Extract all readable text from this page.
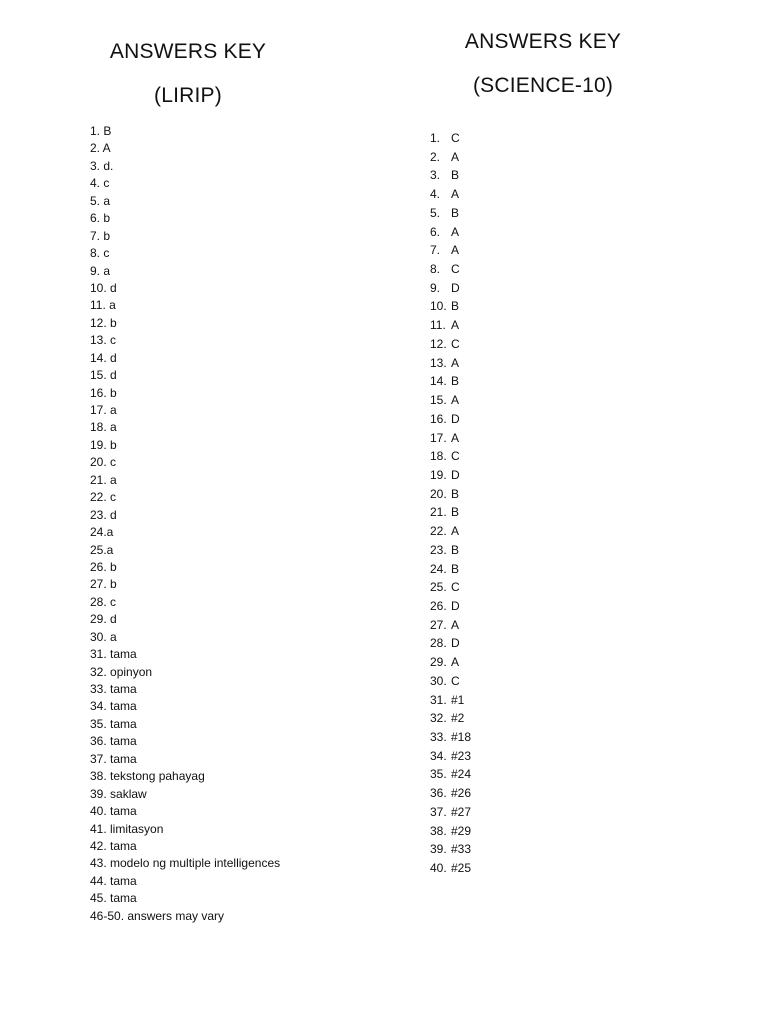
ANSWERS KEY
(LIRIP)
1. B
2. A
3. d.
4. c
5. a
6. b
7. b
8. c
9. a
10. d
11. a
12. b
13. c
14. d
15. d
16. b
17. a
18. a
19. b
20. c
21. a
22. c
23. d
24.a
25.a
26. b
27. b
28. c
29. d
30. a
31. tama
32. opinyon
33. tama
34. tama
35. tama
36. tama
37. tama
38. tekstong pahayag
39. saklaw
40. tama
41. limitasyon
42. tama
43. modelo ng multiple intelligences
44. tama
45. tama
46-50. answers may vary
ANSWERS KEY
(SCIENCE-10)
1. C
2. A
3. B
4. A
5. B
6. A
7. A
8. C
9. D
10. B
11. A
12. C
13. A
14. B
15. A
16. D
17. A
18. C
19. D
20. B
21. B
22. A
23. B
24. B
25. C
26. D
27. A
28. D
29. A
30. C
31. #1
32. #2
33. #18
34. #23
35. #24
36. #26
37. #27
38. #29
39. #33
40. #25
